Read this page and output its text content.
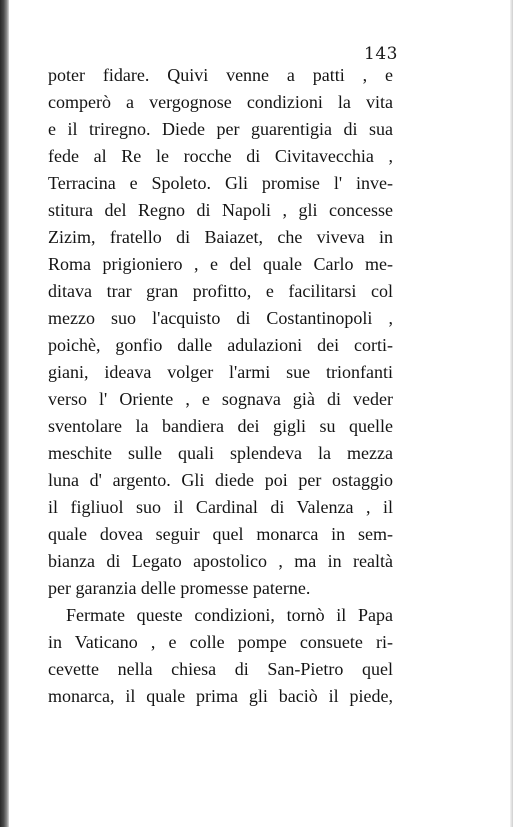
143
poter fidare. Quivi venne a patti , e
comperò a vergognose condizioni la vita
e il triregno. Diede per guarentigia di sua
fede al Re le rocche di Civitavecchia ,
Terracina e Spoleto. Gli promise l' inve-
stitura del Regno di Napoli , gli concesse
Zizim, fratello di Baiazet, che viveva in
Roma prigioniero , e del quale Carlo me-
ditava trar gran profitto, e facilitarsi col
mezzo suo l'acquisto di Costantinopoli ,
poichè, gonfio dalle adulazioni dei corti-
giani, ideava volger l'armi sue trionfanti
verso l' Oriente , e sognava già di veder
sventolare la bandiera dei gigli su quelle
meschite sulle quali splendeva la mezza
luna d' argento. Gli diede poi per ostaggio
il figliuol suo il Cardinal di Valenza , il
quale dovea seguir quel monarca in sem-
bianza di Legato apostolico , ma in realtà
per garanzia delle promesse paterne.
Fermate queste condizioni, tornò il Papa
in Vaticano , e colle pompe consuete ri-
cevette nella chiesa di San-Pietro quel
monarca, il quale prima gli baciò il piede,
